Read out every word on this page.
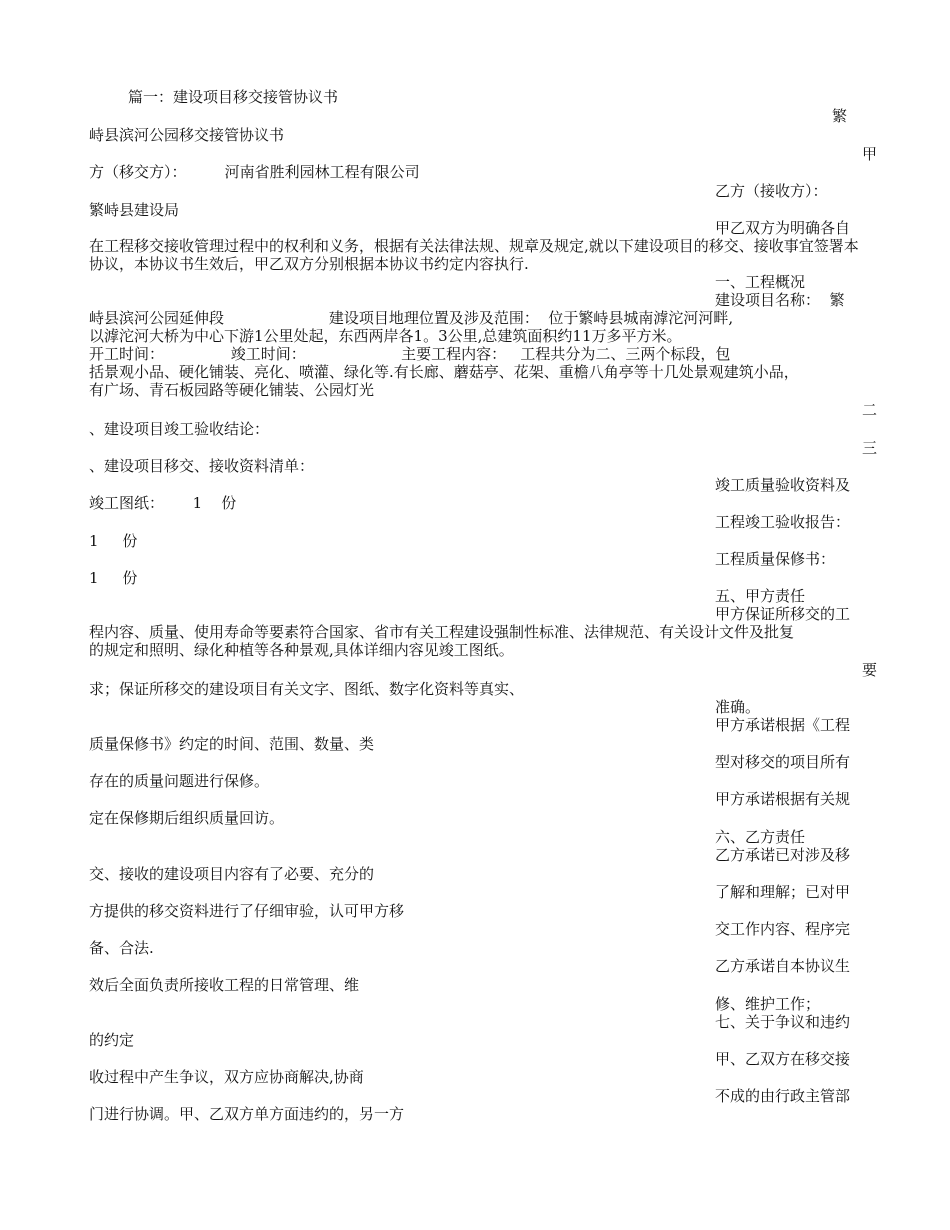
篇一：建设项目移交接管协议书
繁
峙县滨河公园移交接管协议书
甲
方（移交方）：        河南省胜利园林工程有限公司
乙方（接收方）：
繁峙县建设局
甲乙双方为明确各自
在工程移交接收管理过程中的权利和义务，根据有关法律法规、规章及规定,就以下建设项目的移交、接收事宜签署本协议，本协议书生效后，甲乙双方分别根据本协议书约定内容执行.
一、工程概况
建设项目名称：  繁
峙县滨河公园延伸段                      建设项目地理位置及涉及范围：  位于繁峙县城南滹沱河河畔,
以滹沱河大桥为中心下游1公里处起，东西两岸各1。3公里,总建筑面积约11万多平方米。
开工时间：              竣工时间：                    主要工程内容：   工程共分为二、三两个标段，包
括景观小品、硬化铺装、亮化、喷灌、绿化等.有长廊、蘑菇亭、花架、重檐八角亭等十几处景观建筑小品，
有广场、青石板园路等硬化铺装、公园灯光
二
、建设项目竣工验收结论：
三
、建设项目移交、接收资料清单：
竣工质量验收资料及
竣工图纸：      1    份
工程竣工验收报告：
1     份
工程质量保修书：
1     份
五、甲方责任
甲方保证所移交的工
程内容、质量、使用寿命等要素符合国家、省市有关工程建设强制性标准、法律规范、有关设计文件及批复
的规定和照明、绿化种植等各种景观,具体详细内容见竣工图纸。
要
求；保证所移交的建设项目有关文字、图纸、数字化资料等真实、
准确。
甲方承诺根据《工程
质量保修书》约定的时间、范围、数量、类
型对移交的项目所有
存在的质量问题进行保修。
甲方承诺根据有关规
定在保修期后组织质量回访。
六、乙方责任
乙方承诺已对涉及移
交、接收的建设项目内容有了必要、充分的
了解和理解；已对甲
方提供的移交资料进行了仔细审验，认可甲方移
交工作内容、程序完
备、合法.
乙方承诺自本协议生
效后全面负责所接收工程的日常管理、维
修、维护工作；
七、关于争议和违约
的约定
甲、乙双方在移交接
收过程中产生争议，双方应协商解决,协商
不成的由行政主管部
门进行协调。甲、乙双方单方面违约的，另一方
